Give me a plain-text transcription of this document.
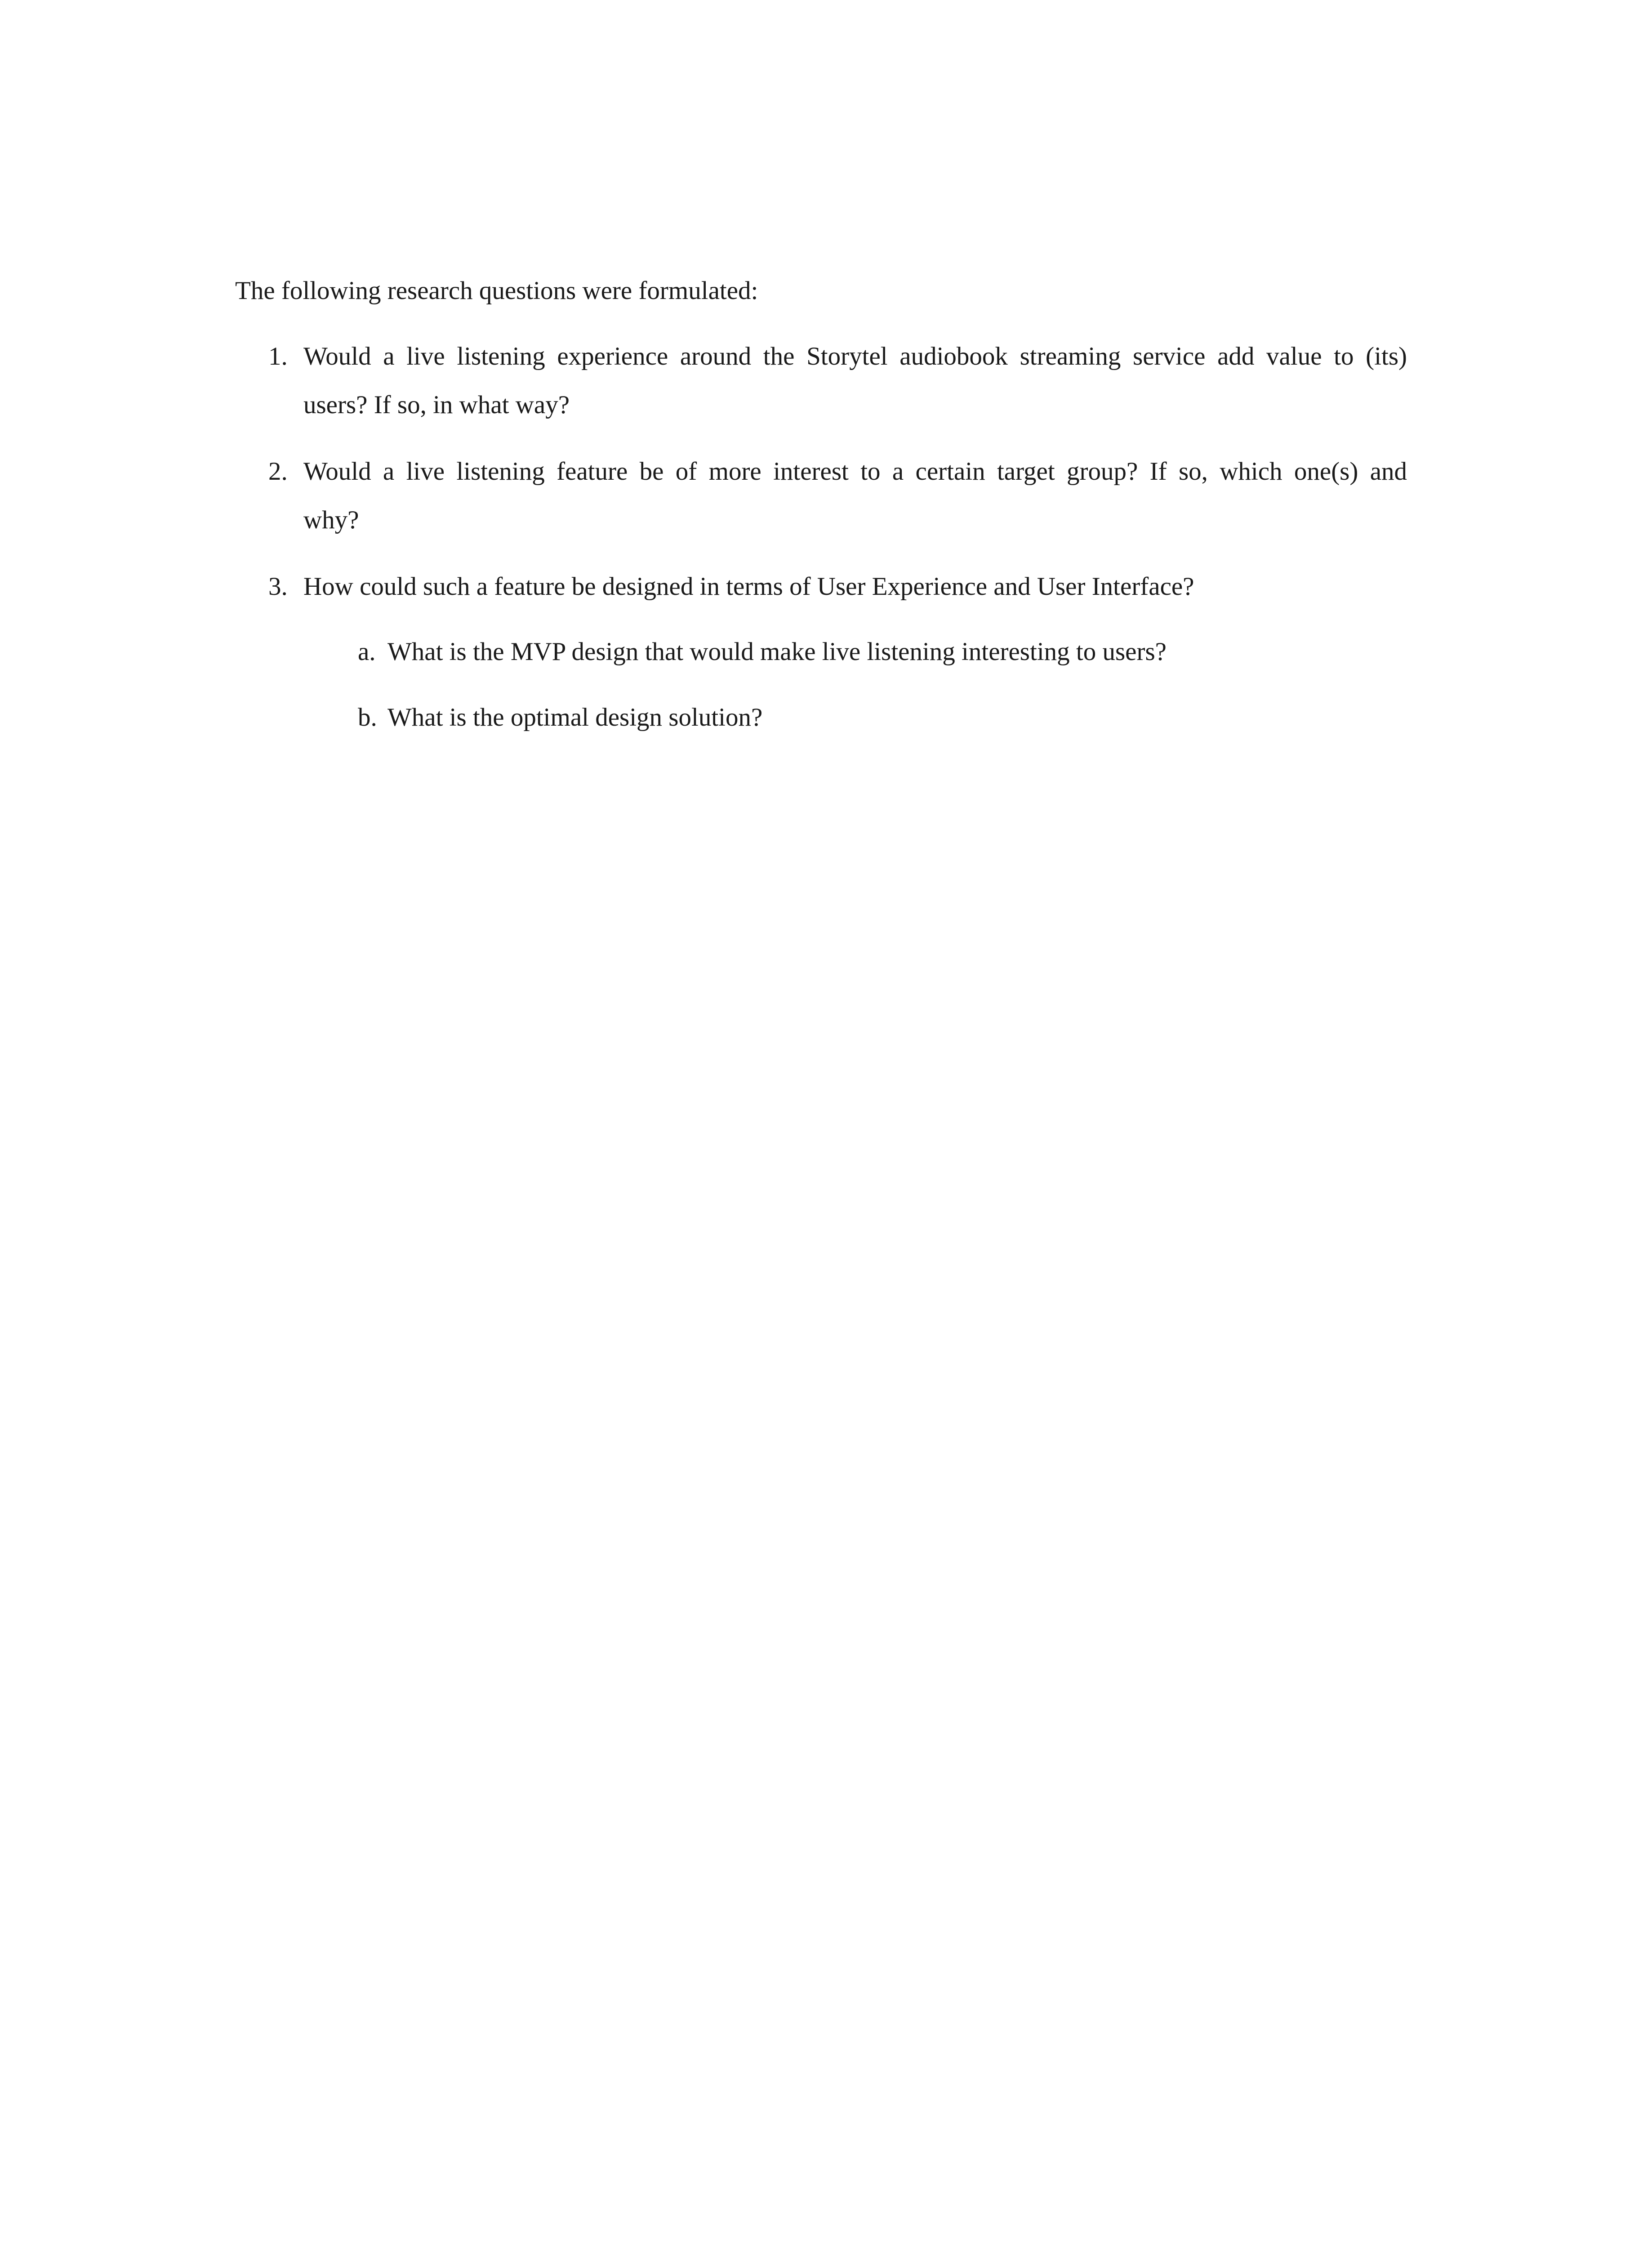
The following research questions were formulated:
1. Would a live listening experience around the Storytel audiobook streaming service add value to (its)
users? If so, in what way?
2. Would a live listening feature be of more interest to a certain target group? If so, which one(s) and
why?
3. How could such a feature be designed in terms of User Experience and User Interface?
a. What is the MVP design that would make live listening interesting to users?
b. What is the optimal design solution?
